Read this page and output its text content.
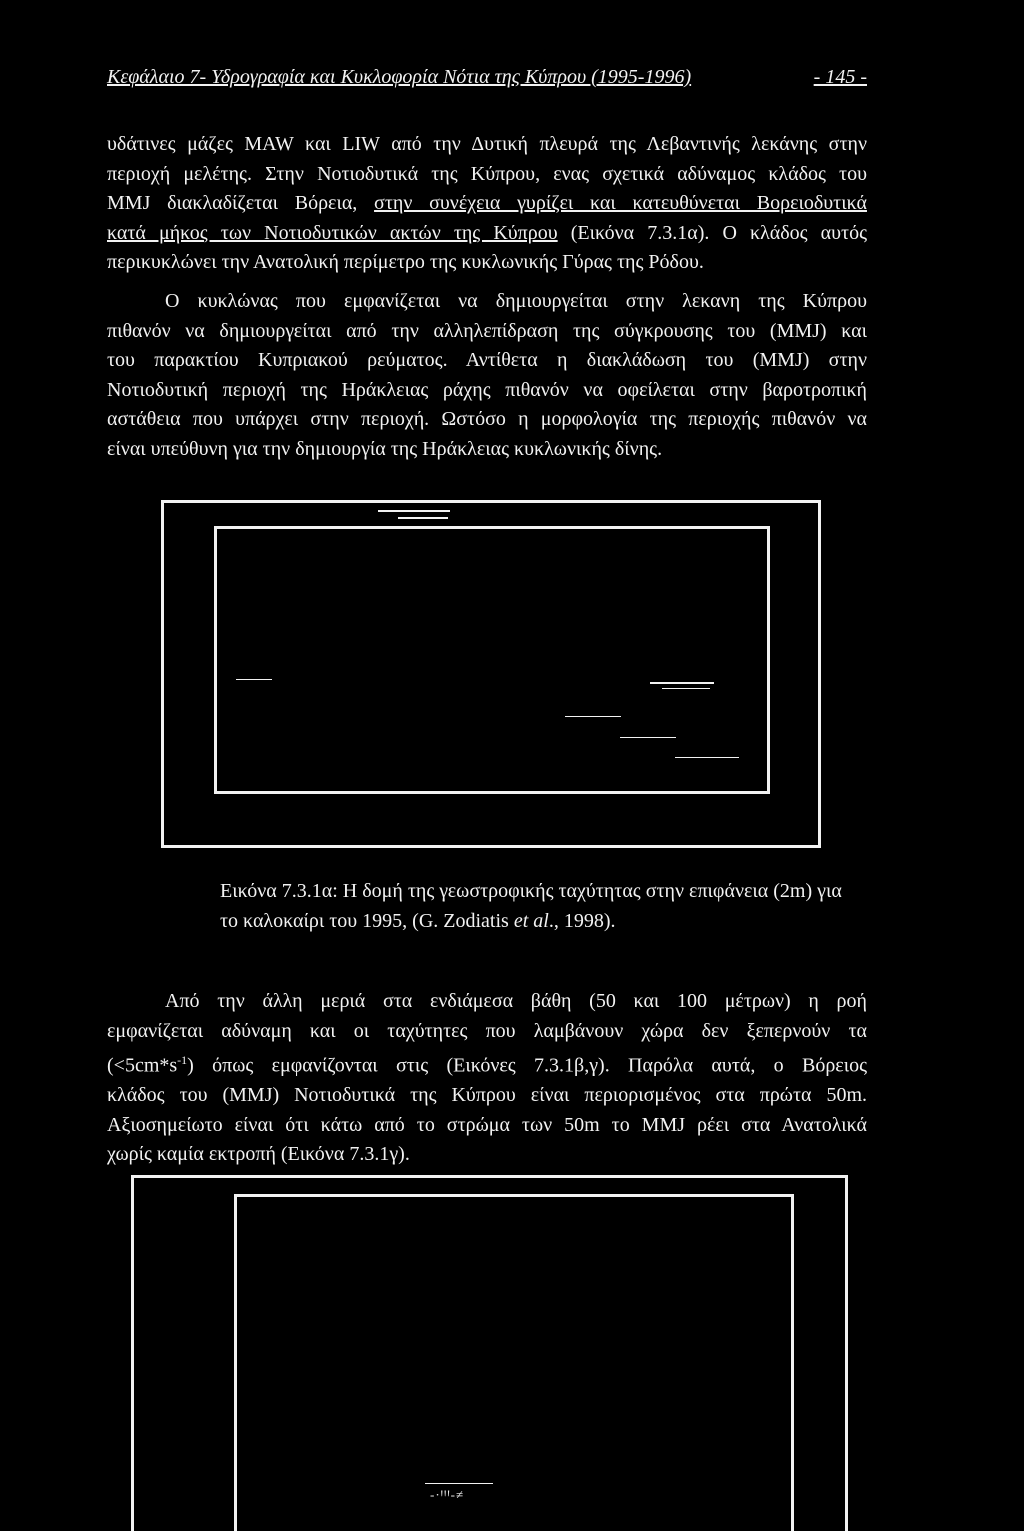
Κεφάλαιο 7- Υδρογραφία και Κυκλοφορία Νότια της Κύπρου (1995-1996)	- 145 -
υδάτινες μάζες MAW και LIW από την Δυτική πλευρά της Λεβαντινής λεκάνης στην
περιοχή μελέτης. Στην Νοτιοδυτικά της Κύπρου, ενας σχετικά αδύναμος κλάδος του
MMJ διακλαδίζεται Βόρεια, στην συνέχεια γυρίζει και κατευθύνεται Βορειοδυτικά
κατά μήκος των Νοτιοδυτικών ακτών της Κύπρου (Εικόνα 7.3.1α). Ο κλάδος αυτός
περικυκλώνει την Ανατολική περίμετρο της κυκλωνικής Γύρας της Ρόδου.
Ο κυκλώνας που εμφανίζεται να δημιουργείται στην λεκανη της Κύπρου
πιθανόν να δημιουργείται από την αλληλεπίδραση της σύγκρουσης του (MMJ) και
του παρακτίου Κυπριακού ρεύματος. Αντίθετα η διακλάδωση του (MMJ) στην
Νοτιοδυτική περιοχή της Ηράκλειας ράχης πιθανόν να οφείλεται στην βαροτροπική
αστάθεια που υπάρχει στην περιοχή. Ωστόσο η μορφολογία της περιοχής πιθανόν να
είναι υπεύθυνη για την δημιουργία της Ηράκλειας κυκλωνικής δίνης.
Εικόνα 7.3.1α: Η δομή της γεωστροφικής ταχύτητας στην επιφάνεια (2m) για
το καλοκαίρι του 1995, (G. Zodiatis et al., 1998).
Από την άλλη μεριά στα ενδιάμεσα βάθη (50 και 100 μέτρων) η ροή
εμφανίζεται αδύναμη και οι ταχύτητες που λαμβάνουν χώρα δεν ξεπερνούν τα
$(<5cm*s^{-1})$ όπως εμφανίζονται στις (Εικόνες 7.3.1β,γ). Παρόλα αυτά, ο Βόρειος
κλάδος του (MMJ) Νοτιοδυτικά της Κύπρου είναι περιορισμένος στα πρώτα 50m.
Αξιοσημείωτο είναι ότι κάτω από το στρώμα των 50m το MMJ ρέει στα Ανατολικά
χωρίς καμία εκτροπή (Εικόνα 7.3.1γ).
-·ꞋꞋꞋ-≠
